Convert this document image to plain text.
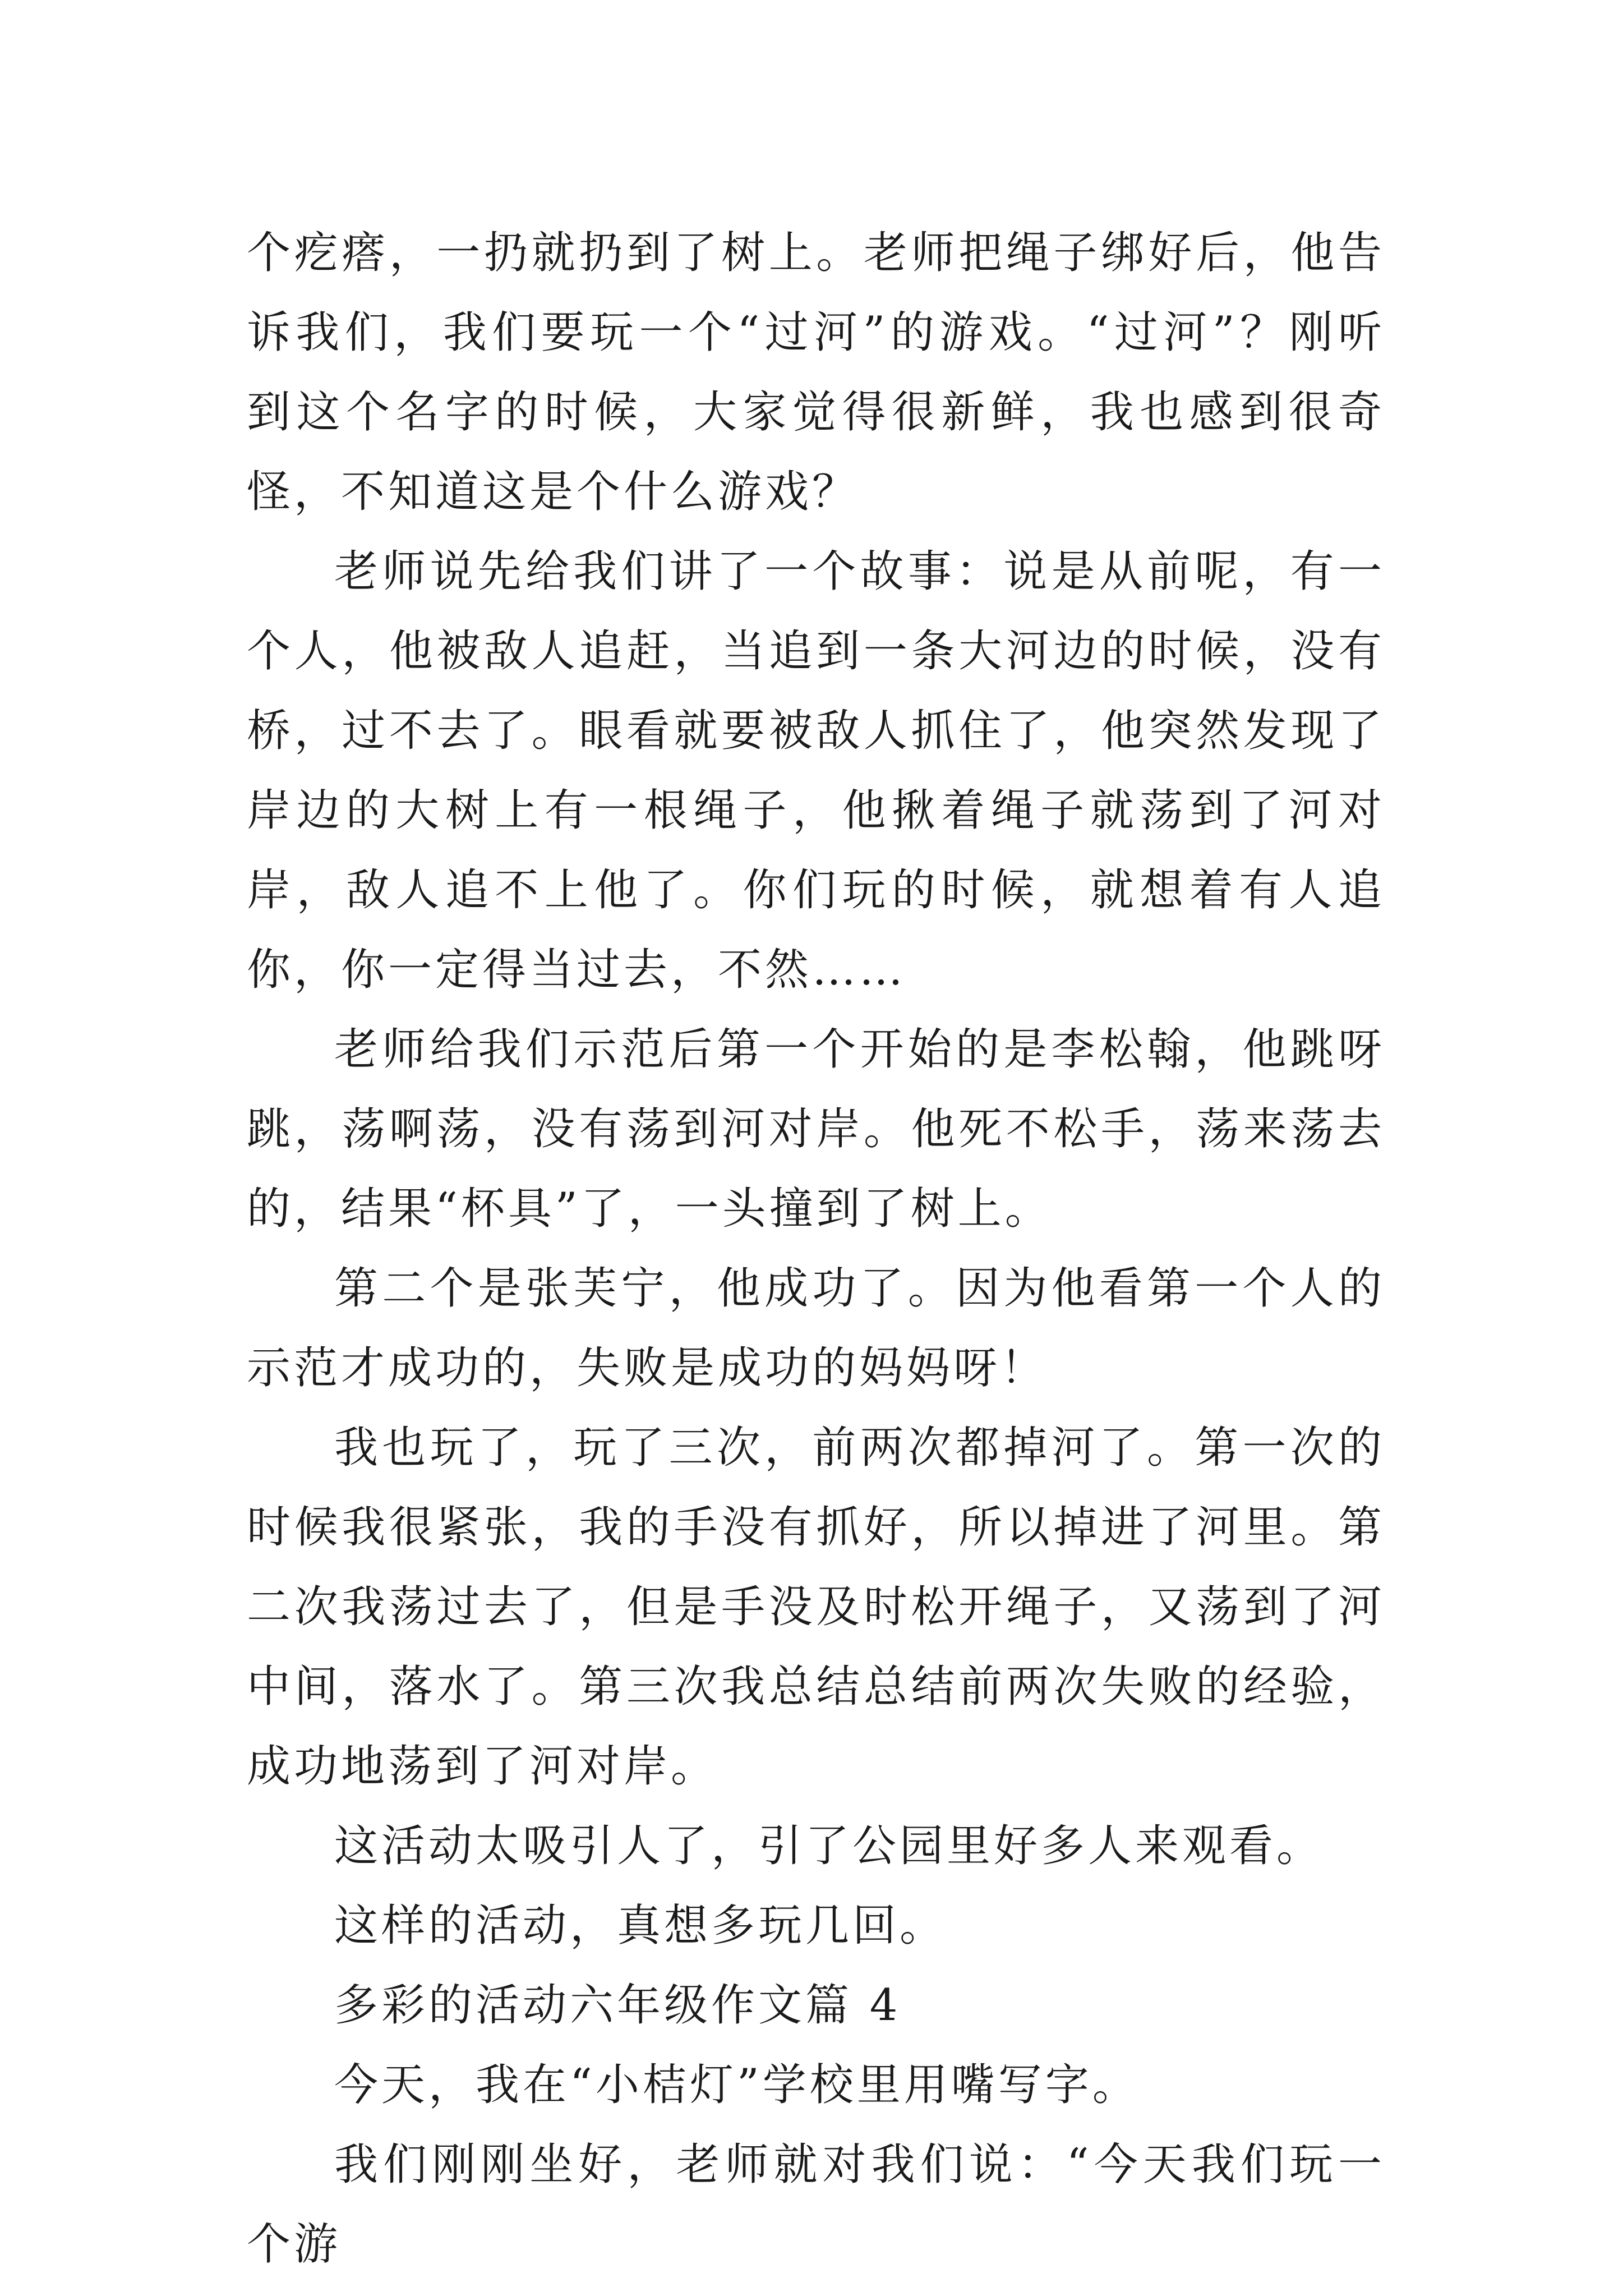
个疙瘩，一扔就扔到了树上。老师把绳子绑好后，他告诉我们，我们要玩一个“过河”的游戏。“过河”？刚听到这个名字的时候，大家觉得很新鲜，我也感到很奇怪，不知道这是个什么游戏？

老师说先给我们讲了一个故事：说是从前呢，有一个人，他被敌人追赶，当追到一条大河边的时候，没有桥，过不去了。眼看就要被敌人抓住了，他突然发现了岸边的大树上有一根绳子，他揪着绳子就荡到了河对岸，敌人追不上他了。你们玩的时候，就想着有人追你，你一定得当过去，不然……

老师给我们示范后第一个开始的是李松翰，他跳呀跳，荡啊荡，没有荡到河对岸。他死不松手，荡来荡去的，结果“杯具”了，一头撞到了树上。

第二个是张芙宁，他成功了。因为他看第一个人的示范才成功的，失败是成功的妈妈呀！

我也玩了，玩了三次，前两次都掉河了。第一次的时候我很紧张，我的手没有抓好，所以掉进了河里。第二次我荡过去了，但是手没及时松开绳子，又荡到了河中间，落水了。第三次我总结总结前两次失败的经验，成功地荡到了河对岸。

这活动太吸引人了，引了公园里好多人来观看。

这样的活动，真想多玩几回。

多彩的活动六年级作文篇 4

今天，我在“小桔灯”学校里用嘴写字。

我们刚刚坐好，老师就对我们说：“今天我们玩一个游
